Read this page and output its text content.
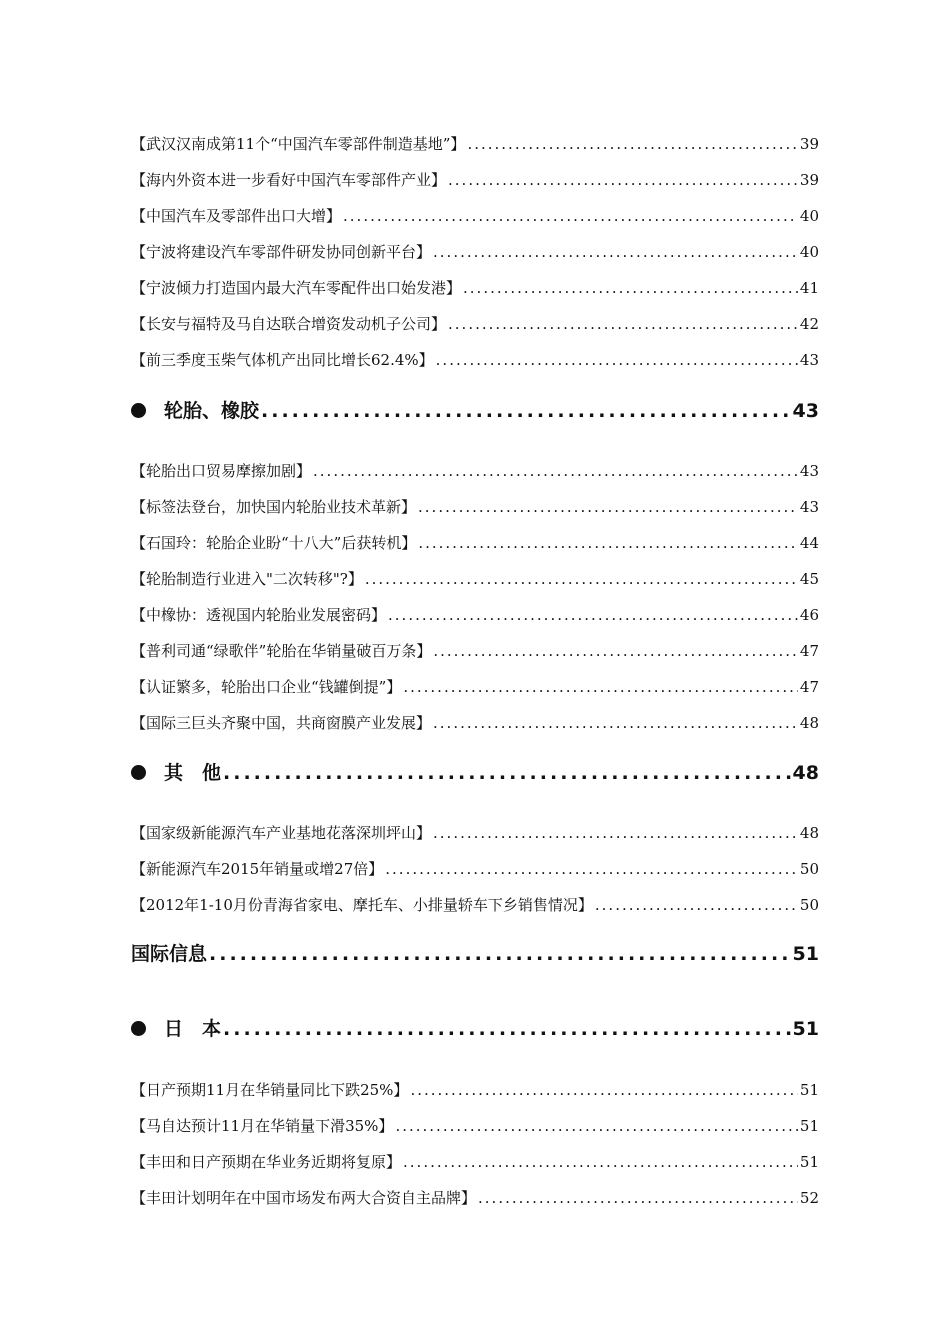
【武汉汉南成第11个“中国汽车零部件制造基地”】 .....	39
【海内外资本进一步看好中国汽车零部件产业】 .....	39
【中国汽车及零部件出口大增】 .....	40
【宁波将建设汽车零部件研发协同创新平台】 .....	40
【宁波倾力打造国内最大汽车零配件出口始发港】 .....	41
【长安与福特及马自达联合增资发动机子公司】 .....	42
【前三季度玉柴气体机产出同比增长62.4%】 .....	43
轮胎、橡胶 .....	43
【轮胎出口贸易摩擦加剧】 .....	43
【标签法登台，加快国内轮胎业技术革新】 .....	43
【石国玲：轮胎企业盼“十八大”后获转机】 .....	44
【轮胎制造行业进入"二次转移"?】 .....	45
【中橡协：透视国内轮胎业发展密码】 .....	46
【普利司通“绿歌伴”轮胎在华销量破百万条】 .....	47
【认证繁多，轮胎出口企业“钱罐倒提”】 .....	47
【国际三巨头齐聚中国，共商窗膜产业发展】 .....	48
其　他 .....	48
【国家级新能源汽车产业基地花落深圳坪山】 .....	48
【新能源汽车2015年销量或增27倍】 .....	50
【2012年1-10月份青海省家电、摩托车、小排量轿车下乡销售情况】 .....	50
国际信息 .....	51
日　本 .....	51
【日产预期11月在华销量同比下跌25%】 .....	51
【马自达预计11月在华销量下滑35%】 .....	51
【丰田和日产预期在华业务近期将复原】 .....	51
【丰田计划明年在中国市场发布两大合资自主品牌】 .....	52
